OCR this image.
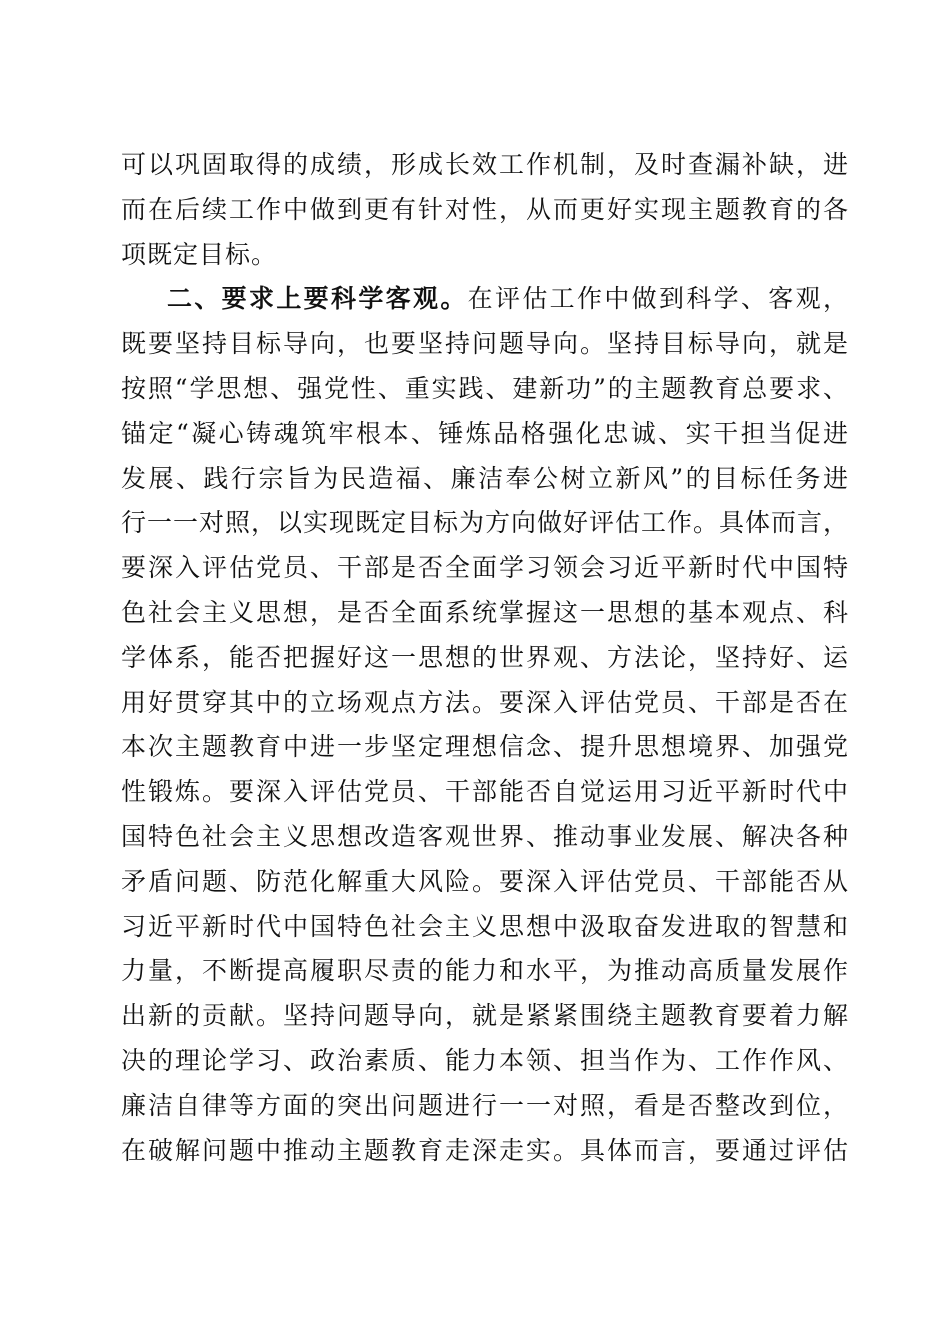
可以巩固取得的成绩，形成长效工作机制，及时查漏补缺，进
而在后续工作中做到更有针对性，从而更好实现主题教育的各
项既定目标。
二、要求上要科学客观。在评估工作中做到科学、客观，
既要坚持目标导向，也要坚持问题导向。坚持目标导向，就是
按照“学思想、强党性、重实践、建新功”的主题教育总要求、
锚定“凝心铸魂筑牢根本、锤炼品格强化忠诚、实干担当促进
发展、践行宗旨为民造福、廉洁奉公树立新风”的目标任务进
行一一对照，以实现既定目标为方向做好评估工作。具体而言，
要深入评估党员、干部是否全面学习领会习近平新时代中国特
色社会主义思想，是否全面系统掌握这一思想的基本观点、科
学体系，能否把握好这一思想的世界观、方法论，坚持好、运
用好贯穿其中的立场观点方法。要深入评估党员、干部是否在
本次主题教育中进一步坚定理想信念、提升思想境界、加强党
性锻炼。要深入评估党员、干部能否自觉运用习近平新时代中
国特色社会主义思想改造客观世界、推动事业发展、解决各种
矛盾问题、防范化解重大风险。要深入评估党员、干部能否从
习近平新时代中国特色社会主义思想中汲取奋发进取的智慧和
力量，不断提高履职尽责的能力和水平，为推动高质量发展作
出新的贡献。坚持问题导向，就是紧紧围绕主题教育要着力解
决的理论学习、政治素质、能力本领、担当作为、工作作风、
廉洁自律等方面的突出问题进行一一对照，看是否整改到位，
在破解问题中推动主题教育走深走实。具体而言，要通过评估
